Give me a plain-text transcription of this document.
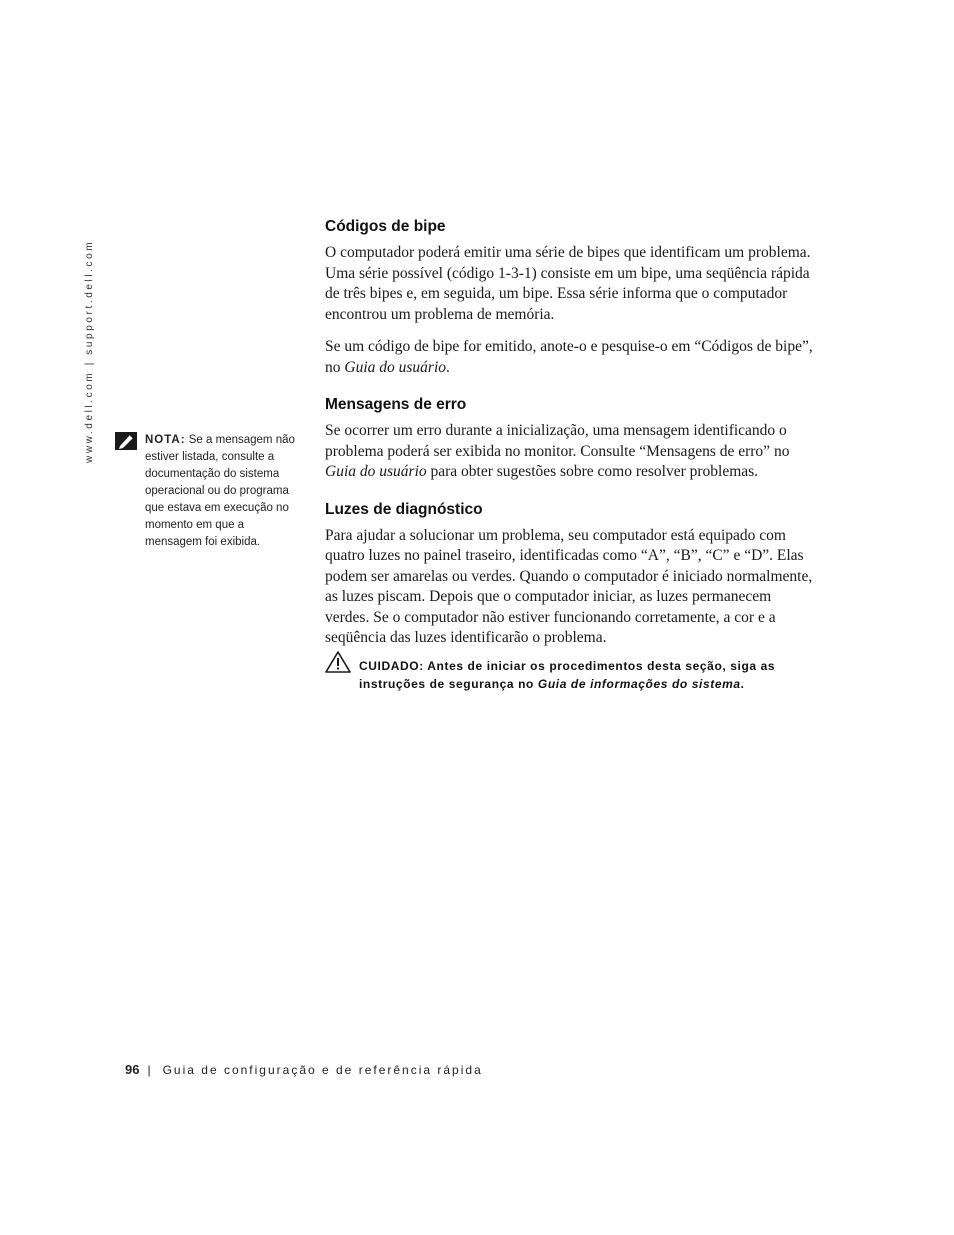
www.dell.com | support.dell.com	NOTA: Se a mensagem não estiver listada, consulte a documentação do sistema operacional ou do programa que estava em execução no momento em que a mensagem foi exibida.
Códigos de bipe

O computador poderá emitir uma série de bipes que identificam um problema. Uma série possível (código 1-3-1) consiste em um bipe, uma seqüência rápida de três bipes e, em seguida, um bipe. Essa série informa que o computador encontrou um problema de memória.

Se um código de bipe for emitido, anote-o e pesquise-o em “Códigos de bipe”, no Guia do usuário.

Mensagens de erro

Se ocorrer um erro durante a inicialização, uma mensagem identificando o problema poderá ser exibida no monitor. Consulte “Mensagens de erro” no Guia do usuário para obter sugestões sobre como resolver problemas.

Luzes de diagnóstico

Para ajudar a solucionar um problema, seu computador está equipado com quatro luzes no painel traseiro, identificadas como “A”, “B”, “C” e “D”. Elas podem ser amarelas ou verdes. Quando o computador é iniciado normalmente, as luzes piscam. Depois que o computador iniciar, as luzes permanecem verdes. Se o computador não estiver funcionando corretamente, a cor e a seqüência das luzes identificarão o problema.

CUIDADO: Antes de iniciar os procedimentos desta seção, siga as instruções de segurança no Guia de informações do sistema.
96 | Guia de configuração e de referência rápida
